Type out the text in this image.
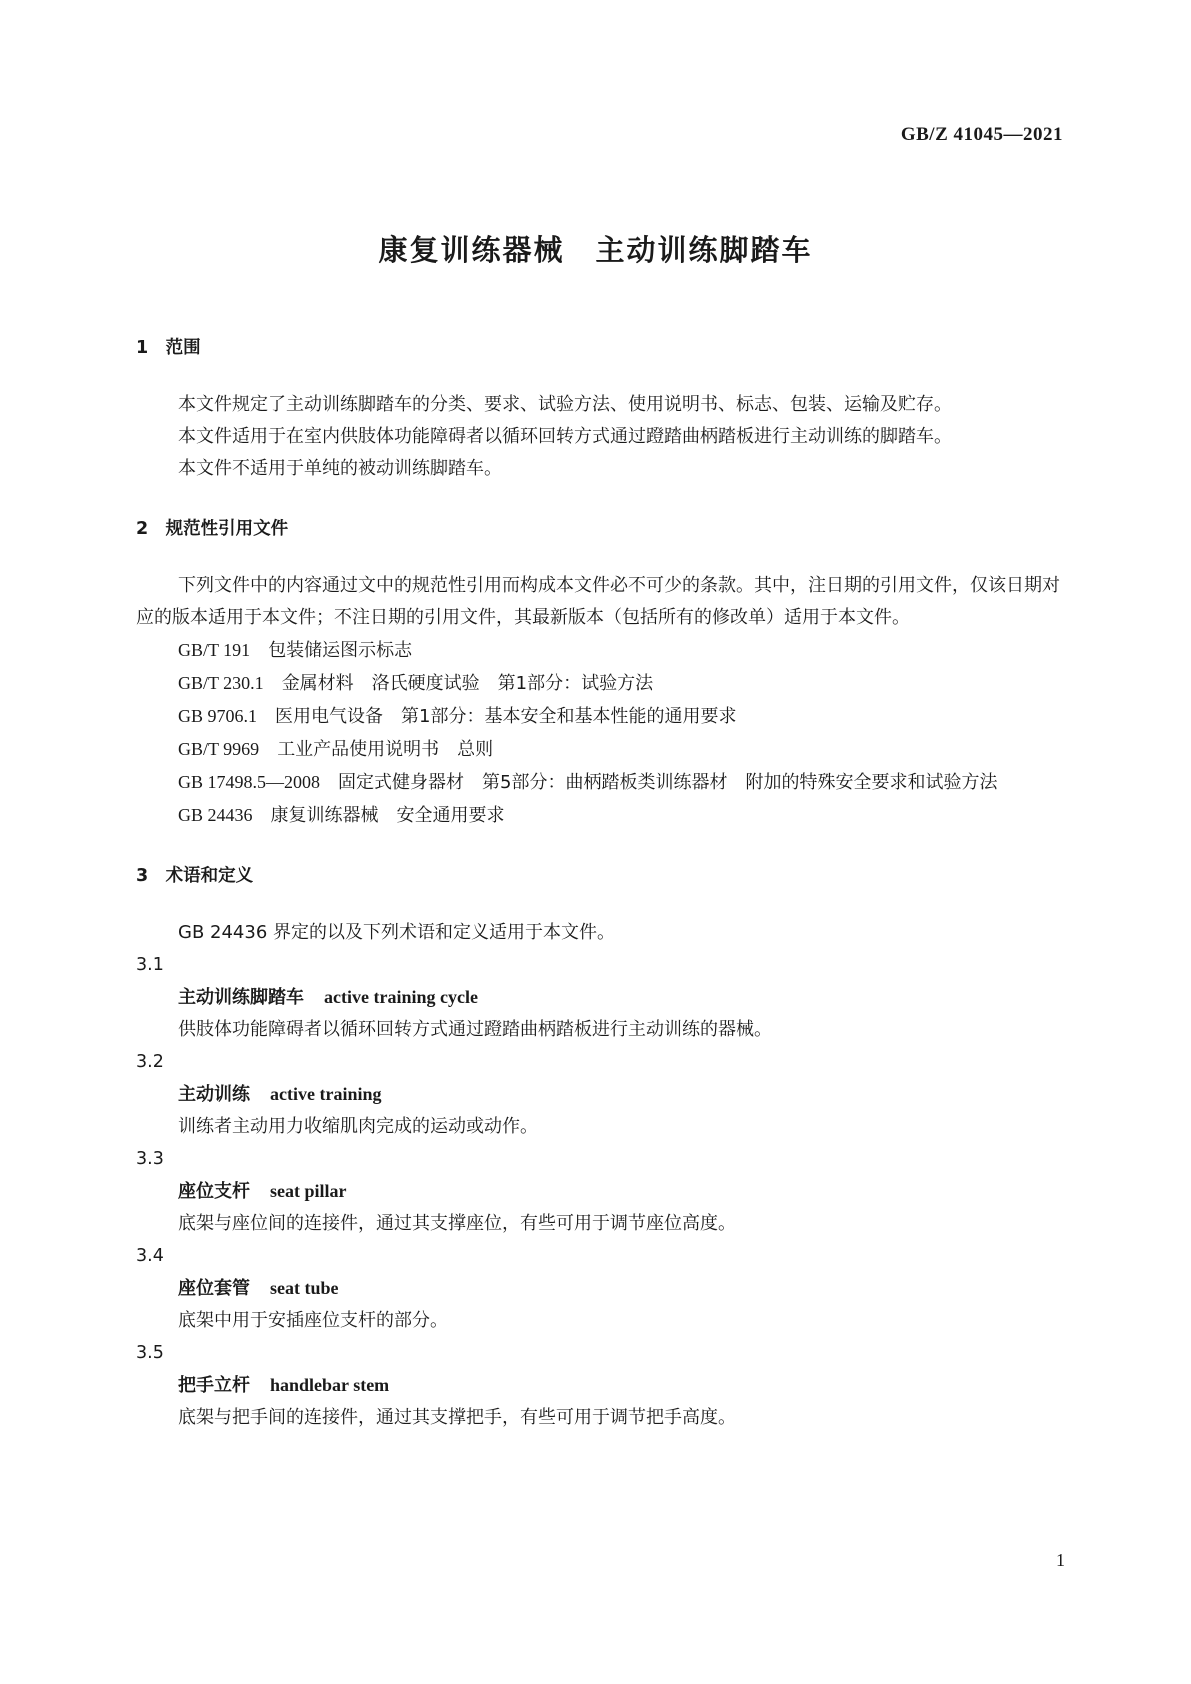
GB/Z 41045—2021
康复训练器械　主动训练脚踏车
1　范围
本文件规定了主动训练脚踏车的分类、要求、试验方法、使用说明书、标志、包装、运输及贮存。
本文件适用于在室内供肢体功能障碍者以循环回转方式通过蹬踏曲柄踏板进行主动训练的脚踏车。
本文件不适用于单纯的被动训练脚踏车。
2　规范性引用文件
下列文件中的内容通过文中的规范性引用而构成本文件必不可少的条款。其中，注日期的引用文件，仅该日期对应的版本适用于本文件；不注日期的引用文件，其最新版本（包括所有的修改单）适用于本文件。
GB/T 191　 包装储运图示标志
GB/T 230.1　 金属材料　洛氏硬度试验　第1部分：试验方法
GB 9706.1　 医用电气设备　第1部分：基本安全和基本性能的通用要求
GB/T 9969　 工业产品使用说明书　总则
GB 17498.5—2008　 固定式健身器材　第5部分：曲柄踏板类训练器材　附加的特殊安全要求和试验方法
GB 24436　 康复训练器械　安全通用要求
3　术语和定义
GB 24436 界定的以及下列术语和定义适用于本文件。
3.1
主动训练脚踏车 active training cycle
供肢体功能障碍者以循环回转方式通过蹬踏曲柄踏板进行主动训练的器械。
3.2
主动训练 active training
训练者主动用力收缩肌肉完成的运动或动作。
3.3
座位支杆 seat pillar
底架与座位间的连接件，通过其支撑座位，有些可用于调节座位高度。
3.4
座位套管 seat tube
底架中用于安插座位支杆的部分。
3.5
把手立杆 handlebar stem
底架与把手间的连接件，通过其支撑把手，有些可用于调节把手高度。
1
